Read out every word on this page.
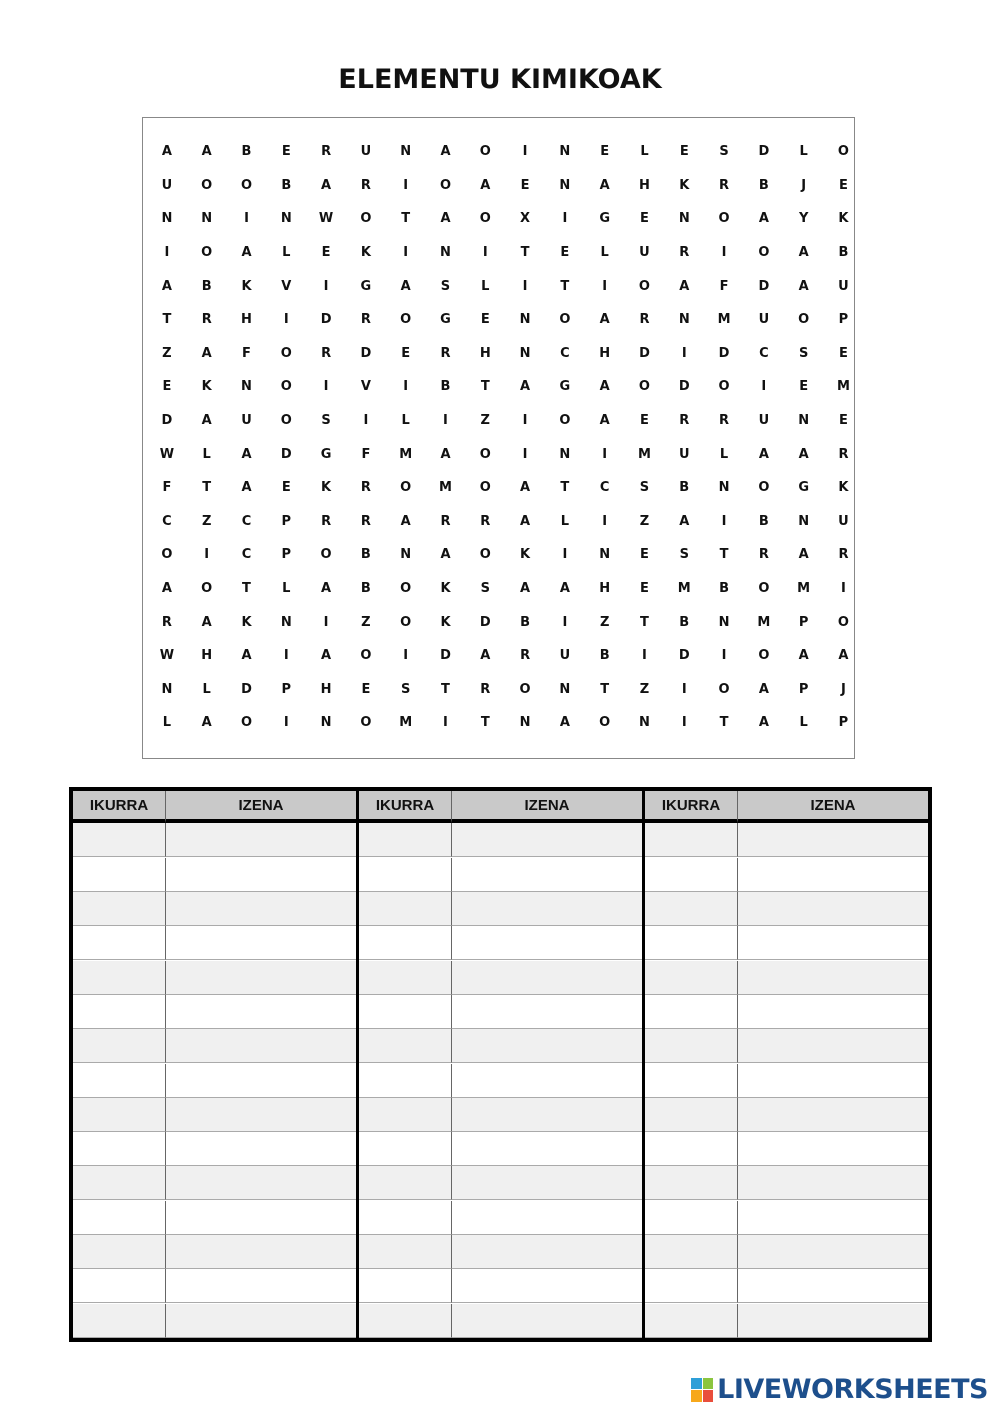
ELEMENTU KIMIKOAK
A	A	B	E	R	U	N	A	O	I	N	E	L	E	S	D	L	O
U	O	O	B	A	R	I	O	A	E	N	A	H	K	R	B	J	E
N	N	I	N	W	O	T	A	O	X	I	G	E	N	O	A	Y	K
I	O	A	L	E	K	I	N	I	T	E	L	U	R	I	O	A	B
A	B	K	V	I	G	A	S	L	I	T	I	O	A	F	D	A	U
T	R	H	I	D	R	O	G	E	N	O	A	R	N	M	U	O	P
Z	A	F	O	R	D	E	R	H	N	C	H	D	I	D	C	S	E
E	K	N	O	I	V	I	B	T	A	G	A	O	D	O	I	E	M
D	A	U	O	S	I	L	I	Z	I	O	A	E	R	R	U	N	E
W	L	A	D	G	F	M	A	O	I	N	I	M	U	L	A	A	R
F	T	A	E	K	R	O	M	O	A	T	C	S	B	N	O	G	K
C	Z	C	P	R	R	A	R	R	A	L	I	Z	A	I	B	N	U
O	I	C	P	O	B	N	A	O	K	I	N	E	S	T	R	A	R
A	O	T	L	A	B	O	K	S	A	A	H	E	M	B	O	M	I
R	A	K	N	I	Z	O	K	D	B	I	Z	T	B	N	M	P	O
W	H	A	I	A	O	I	D	A	R	U	B	I	D	I	O	A	A
N	L	D	P	H	E	S	T	R	O	N	T	Z	I	O	A	P	J
L	A	O	I	N	O	M	I	T	N	A	O	N	I	T	A	L	P
IKURRA	IZENA	IKURRA	IZENA	IKURRA	IZENA
LIVEWORKSHEETS
